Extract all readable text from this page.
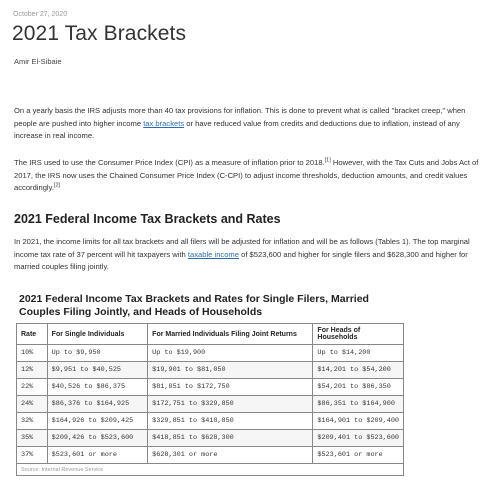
October 27, 2020
2021 Tax Brackets
Amir El-Sibaie

On a yearly basis the IRS adjusts more than 40 tax provisions for inflation. This is done to prevent what is called "bracket creep," when people are pushed into higher income tax brackets or have reduced value from credits and deductions due to inflation, instead of any increase in real income.

The IRS used to use the Consumer Price Index (CPI) as a measure of inflation prior to 2018.[1] However, with the Tax Cuts and Jobs Act of 2017, the IRS now uses the Chained Consumer Price Index (C-CPI) to adjust income thresholds, deduction amounts, and credit values accordingly.[2]

2021 Federal Income Tax Brackets and Rates

In 2021, the income limits for all tax brackets and all filers will be adjusted for inflation and will be as follows (Tables 1). The top marginal income tax rate of 37 percent will hit taxpayers with taxable income of $523,600 and higher for single filers and $628,300 and higher for married couples filing jointly.

2021 Federal Income Tax Brackets and Rates for Single Filers, Married Couples Filing Jointly, and Heads of Households
Rate	For Single Individuals	For Married Individuals Filing Joint Returns	For Heads of Households
10%	Up to $9,950	Up to $19,900	Up to $14,200
12%	$9,951 to $40,525	$19,901 to $81,050	$14,201 to $54,200
22%	$40,526 to $86,375	$81,051 to $172,750	$54,201 to $86,350
24%	$86,376 to $164,925	$172,751 to $329,850	$86,351 to $164,900
32%	$164,926 to $209,425	$329,851 to $418,850	$164,901 to $209,400
35%	$209,426 to $523,600	$418,851 to $628,300	$209,401 to $523,600
37%	$523,601 or more	$628,301 or more	$523,601 or more
Source: Internal Revenue Service			
